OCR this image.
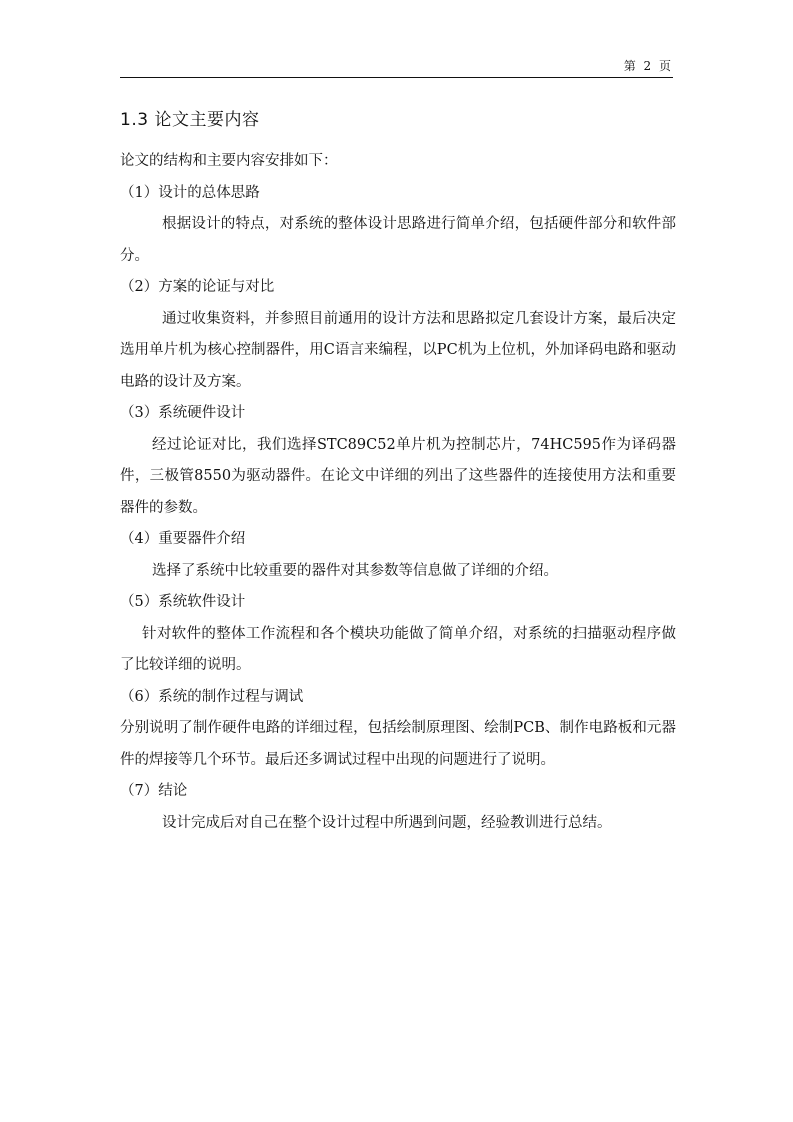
第 2 页
1.3 论文主要内容

论文的结构和主要内容安排如下：

（1）设计的总体思路

根据设计的特点，对系统的整体设计思路进行简单介绍，包括硬件部分和软件部分。

（2）方案的论证与对比

通过收集资料，并参照目前通用的设计方法和思路拟定几套设计方案，最后决定选用单片机为核心控制器件，用C语言来编程，以PC机为上位机，外加译码电路和驱动电路的设计及方案。

（3）系统硬件设计

经过论证对比，我们选择STC89C52单片机为控制芯片，74HC595作为译码器件，三极管8550为驱动器件。在论文中详细的列出了这些器件的连接使用方法和重要器件的参数。

（4）重要器件介绍

选择了系统中比较重要的器件对其参数等信息做了详细的介绍。

（5）系统软件设计

针对软件的整体工作流程和各个模块功能做了简单介绍，对系统的扫描驱动程序做了比较详细的说明。

（6）系统的制作过程与调试

分别说明了制作硬件电路的详细过程，包括绘制原理图、绘制PCB、制作电路板和元器件的焊接等几个环节。最后还多调试过程中出现的问题进行了说明。

（7）结论

设计完成后对自己在整个设计过程中所遇到问题，经验教训进行总结。
